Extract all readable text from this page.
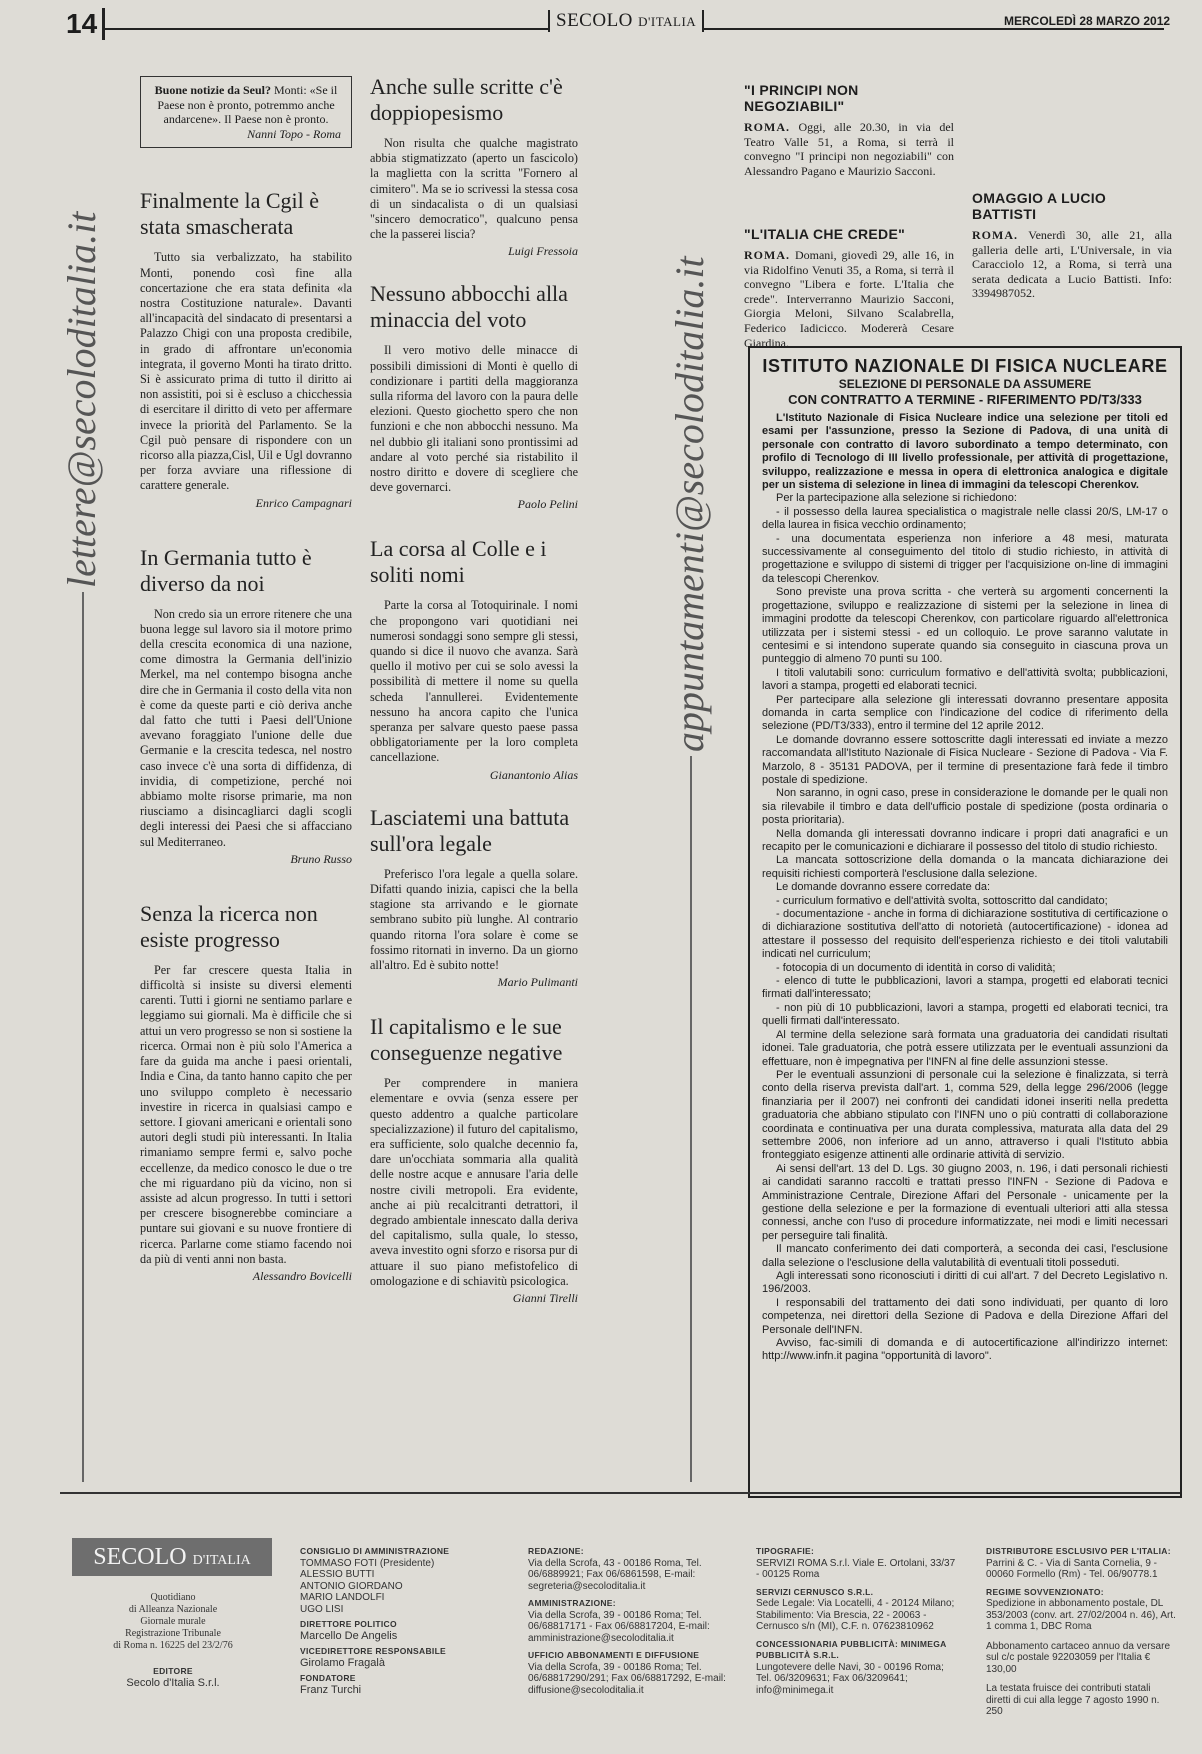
14	SECOLO D'ITALIA	MERCOLEDÌ 28 MARZO 2012
lettere@secoloditalia.it	appuntamenti@secoloditalia.it
Buone notizie da Seul? Monti: «Se il Paese non è pronto, potremmo anche andarcene». Il Paese non è pronto.
Nanni Topo - Roma
Finalmente la Cgil è stata smascherata

Tutto sia verbalizzato, ha stabilito Monti, ponendo così fine alla concertazione che era stata definita «la nostra Costituzione naturale». Davanti all'incapacità del sindacato di presentarsi a Palazzo Chigi con una proposta credibile, in grado di affrontare un'economia integrata, il governo Monti ha tirato dritto. Si è assicurato prima di tutto il diritto ai non assistiti, poi si è escluso a chicchessia di esercitare il diritto di veto per affermare invece la priorità del Parlamento. Se la Cgil può pensare di rispondere con un ricorso alla piazza,Cisl, Uil e Ugl dovranno per forza avviare una riflessione di carattere generale.

Enrico Campagnari
In Germania tutto è diverso da noi

Non credo sia un errore ritenere che una buona legge sul lavoro sia il motore primo della crescita economica di una nazione, come dimostra la Germania dell'inizio Merkel, ma nel contempo bisogna anche dire che in Germania il costo della vita non è come da queste parti e ciò deriva anche dal fatto che tutti i Paesi dell'Unione avevano foraggiato l'unione delle due Germanie e la crescita tedesca, nel nostro caso invece c'è una sorta di diffidenza, di invidia, di competizione, perché noi abbiamo molte risorse primarie, ma non riusciamo a disincagliarci dagli scogli degli interessi dei Paesi che si affacciano sul Mediterraneo.

Bruno Russo
Senza la ricerca non esiste progresso

Per far crescere questa Italia in difficoltà si insiste su diversi elementi carenti. Tutti i giorni ne sentiamo parlare e leggiamo sui giornali. Ma è difficile che si attui un vero progresso se non si sostiene la ricerca. Ormai non è più solo l'America a fare da guida ma anche i paesi orientali, India e Cina, da tanto hanno capito che per uno sviluppo completo è necessario investire in ricerca in qualsiasi campo e settore. I giovani americani e orientali sono autori degli studi più interessanti. In Italia rimaniamo sempre fermi e, salvo poche eccellenze, da medico conosco le due o tre che mi riguardano più da vicino, non si assiste ad alcun progresso. In tutti i settori per crescere bisognerebbe cominciare a puntare sui giovani e su nuove frontiere di ricerca. Parlarne come stiamo facendo noi da più di venti anni non basta.

Alessandro Bovicelli
Anche sulle scritte c'è doppiopesismo

Non risulta che qualche magistrato abbia stigmatizzato (aperto un fascicolo) la maglietta con la scritta "Fornero al cimitero". Ma se io scrivessi la stessa cosa di un sindacalista o di un qualsiasi "sincero democratico", qualcuno pensa che la passerei liscia?

Luigi Fressoia
Nessuno abbocchi alla minaccia del voto

Il vero motivo delle minacce di possibili dimissioni di Monti è quello di condizionare i partiti della maggioranza sulla riforma del lavoro con la paura delle elezioni. Questo giochetto spero che non funzioni e che non abbocchi nessuno. Ma nel dubbio gli italiani sono prontissimi ad andare al voto perché sia ristabilito il nostro diritto e dovere di scegliere che deve governarci.

Paolo Pelini
La corsa al Colle e i soliti nomi

Parte la corsa al Totoquirinale. I nomi che propongono vari quotidiani nei numerosi sondaggi sono sempre gli stessi, quando si dice il nuovo che avanza. Sarà quello il motivo per cui se solo avessi la possibilità di mettere il nome su quella scheda l'annullerei. Evidentemente nessuno ha ancora capito che l'unica speranza per salvare questo paese passa obbligatoriamente per la loro completa cancellazione.

Gianantonio Alias
Lasciatemi una battuta sull'ora legale

Preferisco l'ora legale a quella solare. Difatti quando inizia, capisci che la bella stagione sta arrivando e le giornate sembrano subito più lunghe. Al contrario quando ritorna l'ora solare è come se fossimo ritornati in inverno. Da un giorno all'altro. Ed è subito notte!

Mario Pulimanti
Il capitalismo e le sue conseguenze negative

Per comprendere in maniera elementare e ovvia (senza essere per questo addentro a qualche particolare specializzazione) il futuro del capitalismo, era sufficiente, solo qualche decennio fa, dare un'occhiata sommaria alla qualità delle nostre acque e annusare l'aria delle nostre civili metropoli. Era evidente, anche ai più recalcitranti detrattori, il degrado ambientale innescato dalla deriva del capitalismo, sulla quale, lo stesso, aveva investito ogni sforzo e risorsa pur di attuare il suo piano mefistofelico di omologazione e di schiavitù psicologica.

Gianni Tirelli
"I PRINCIPI NON NEGOZIABILI"
ROMA. Oggi, alle 20.30, in via del Teatro Valle 51, a Roma, si terrà il convegno "I principi non negoziabili" con Alessandro Pagano e Maurizio Sacconi.
"L'ITALIA CHE CREDE"
ROMA. Domani, giovedì 29, alle 16, in via Ridolfino Venuti 35, a Roma, si terrà il convegno "Libera e forte. L'Italia che crede". Interverranno Maurizio Sacconi, Giorgia Meloni, Silvano Scalabrella, Federico Iadicicco. Modererà Cesare Giardina.
OMAGGIO A LUCIO BATTISTI
ROMA. Venerdì 30, alle 21, alla galleria delle arti, L'Universale, in via Caracciolo 12, a Roma, si terrà una serata dedicata a Lucio Battisti. Info: 3394987052.
ISTITUTO NAZIONALE DI FISICA NUCLEARE
SELEZIONE DI PERSONALE DA ASSUMERE
CON CONTRATTO A TERMINE - RIFERIMENTO PD/T3/333

L'Istituto Nazionale di Fisica Nucleare indice una selezione per titoli ed esami per l'assunzione, presso la Sezione di Padova, di una unità di personale con contratto di lavoro subordinato a tempo determinato, con profilo di Tecnologo di III livello professionale, per attività di progettazione, sviluppo, realizzazione e messa in opera di elettronica analogica e digitale per un sistema di selezione in linea di immagini da telescopi Cherenkov.

Per la partecipazione alla selezione si richiedono:

- il possesso della laurea specialistica o magistrale nelle classi 20/S, LM-17 o della laurea in fisica vecchio ordinamento;

- una documentata esperienza non inferiore a 48 mesi, maturata successivamente al conseguimento del titolo di studio richiesto, in attività di progettazione e sviluppo di sistemi di trigger per l'acquisizione on-line di immagini da telescopi Cherenkov.

Sono previste una prova scritta - che verterà su argomenti concernenti la progettazione, sviluppo e realizzazione di sistemi per la selezione in linea di immagini prodotte da telescopi Cherenkov, con particolare riguardo all'elettronica utilizzata per i sistemi stessi - ed un colloquio. Le prove saranno valutate in centesimi e si intendono superate quando sia conseguito in ciascuna prova un punteggio di almeno 70 punti su 100.

I titoli valutabili sono: curriculum formativo e dell'attività svolta; pubblicazioni, lavori a stampa, progetti ed elaborati tecnici.

Per partecipare alla selezione gli interessati dovranno presentare apposita domanda in carta semplice con l'indicazione del codice di riferimento della selezione (PD/T3/333), entro il termine del 12 aprile 2012.

Le domande dovranno essere sottoscritte dagli interessati ed inviate a mezzo raccomandata all'Istituto Nazionale di Fisica Nucleare - Sezione di Padova - Via F. Marzolo, 8 - 35131 PADOVA, per il termine di presentazione farà fede il timbro postale di spedizione.

Non saranno, in ogni caso, prese in considerazione le domande per le quali non sia rilevabile il timbro e data dell'ufficio postale di spedizione (posta ordinaria o posta prioritaria).

Nella domanda gli interessati dovranno indicare i propri dati anagrafici e un recapito per le comunicazioni e dichiarare il possesso del titolo di studio richiesto.

La mancata sottoscrizione della domanda o la mancata dichiarazione dei requisiti richiesti comporterà l'esclusione dalla selezione.

Le domande dovranno essere corredate da:

- curriculum formativo e dell'attività svolta, sottoscritto dal candidato;

- documentazione - anche in forma di dichiarazione sostitutiva di certificazione o di dichiarazione sostitutiva dell'atto di notorietà (autocertificazione) - idonea ad attestare il possesso del requisito dell'esperienza richiesto e dei titoli valutabili indicati nel curriculum;

- fotocopia di un documento di identità in corso di validità;

- elenco di tutte le pubblicazioni, lavori a stampa, progetti ed elaborati tecnici firmati dall'interessato;

- non più di 10 pubblicazioni, lavori a stampa, progetti ed elaborati tecnici, tra quelli firmati dall'interessato.

Al termine della selezione sarà formata una graduatoria dei candidati risultati idonei. Tale graduatoria, che potrà essere utilizzata per le eventuali assunzioni da effettuare, non è impegnativa per l'INFN al fine delle assunzioni stesse.

Per le eventuali assunzioni di personale cui la selezione è finalizzata, si terrà conto della riserva prevista dall'art. 1, comma 529, della legge 296/2006 (legge finanziaria per il 2007) nei confronti dei candidati idonei inseriti nella predetta graduatoria che abbiano stipulato con l'INFN uno o più contratti di collaborazione coordinata e continuativa per una durata complessiva, maturata alla data del 29 settembre 2006, non inferiore ad un anno, attraverso i quali l'Istituto abbia fronteggiato esigenze attinenti alle ordinarie attività di servizio.

Ai sensi dell'art. 13 del D. Lgs. 30 giugno 2003, n. 196, i dati personali richiesti ai candidati saranno raccolti e trattati presso l'INFN - Sezione di Padova e Amministrazione Centrale, Direzione Affari del Personale - unicamente per la gestione della selezione e per la formazione di eventuali ulteriori atti alla stessa connessi, anche con l'uso di procedure informatizzate, nei modi e limiti necessari per perseguire tali finalità.

Il mancato conferimento dei dati comporterà, a seconda dei casi, l'esclusione dalla selezione o l'esclusione della valutabilità di eventuali titoli posseduti.

Agli interessati sono riconosciuti i diritti di cui all'art. 7 del Decreto Legislativo n. 196/2003.

I responsabili del trattamento dei dati sono individuati, per quanto di loro competenza, nei direttori della Sezione di Padova e della Direzione Affari del Personale dell'INFN.

Avviso, fac-simili di domanda e di autocertificazione all'indirizzo internet: http://www.infn.it pagina "opportunità di lavoro".

SECOLO D'ITALIA
Quotidiano
di Alleanza Nazionale
Giornale murale
Registrazione Tribunale
di Roma n. 16225 del 23/2/76
EDITORE
Secolo d'Italia S.r.l.
CONSIGLIO DI AMMINISTRAZIONE
TOMMASO FOTI (Presidente)
ALESSIO BUTTI
ANTONIO GIORDANO
MARIO LANDOLFI
UGO LISI
DIRETTORE POLITICO
Marcello De Angelis
VICEDIRETTORE RESPONSABILE
Girolamo Fragalà
FONDATORE
Franz Turchi
REDAZIONE:
Via della Scrofa, 43 - 00186 Roma, Tel. 06/6889921; Fax 06/6861598, E-mail: segreteria@secoloditalia.it
AMMINISTRAZIONE:
Via della Scrofa, 39 - 00186 Roma; Tel. 06/68817171 - Fax 06/68817204, E-mail: amministrazione@secoloditalia.it
UFFICIO ABBONAMENTI E DIFFUSIONE
Via della Scrofa, 39 - 00186 Roma; Tel. 06/68817290/291; Fax 06/68817292, E-mail: diffusione@secoloditalia.it
TIPOGRAFIE:
SERVIZI ROMA S.r.l. Viale E. Ortolani, 33/37 - 00125 Roma
SERVIZI CERNUSCO S.R.L.
Sede Legale: Via Locatelli, 4 - 20124 Milano; Stabilimento: Via Brescia, 22 - 20063 - Cernusco s/n (MI), C.F. n. 07623810962
CONCESSIONARIA PUBBLICITÀ: MINIMEGA PUBBLICITÀ S.R.L.
Lungotevere delle Navi, 30 - 00196 Roma; Tel. 06/3209631; Fax 06/3209641; info@minimega.it
DISTRIBUTORE ESCLUSIVO PER L'ITALIA:
Parrini & C. - Via di Santa Cornelia, 9 - 00060 Formello (Rm) - Tel. 06/90778.1
REGIME SOVVENZIONATO:
Spedizione in abbonamento postale, DL 353/2003 (conv. art. 27/02/2004 n. 46), Art. 1 comma 1, DBC Roma
Abbonamento cartaceo annuo da versare sul c/c postale 92203059 per l'Italia € 130,00
La testata fruisce dei contributi statali diretti di cui alla legge 7 agosto 1990 n. 250
